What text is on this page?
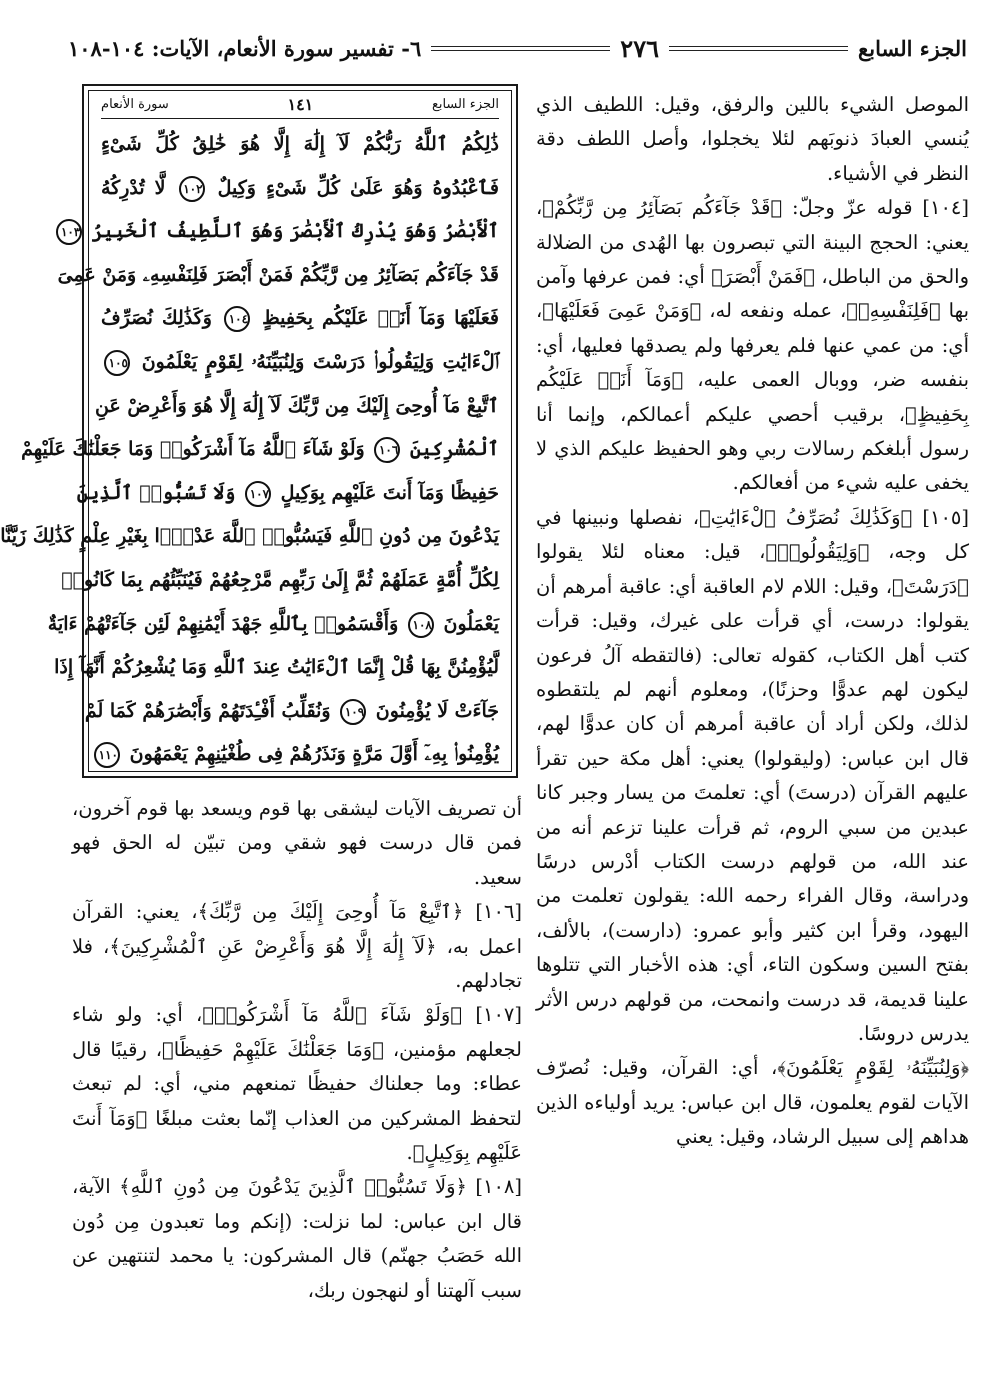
الجزء السابع
٢٧٦
٦- تفسير سورة الأنعام، الآيات: ١٠٤-١٠٨

الموصل الشيء باللين والرفق، وقيل: اللطيف الذي يُنسي العبادَ ذنوبَهم لئلا يخجلوا، وأصل اللطف دقة النظر في الأشياء.

[١٠٤] قوله عزّ وجلّ: ﴿قَدْ جَآءَكُم بَصَآئِرُ مِن رَّبِّكُمْ﴾، يعني: الحجج البينة التي تبصرون بها الهُدى من الضلالة والحق من الباطل، ﴿فَمَنْ أَبْصَرَ﴾ أي: فمن عرفها وآمن بها ﴿فَلِنَفْسِهِۦ﴾، عمله ونفعه له، ﴿وَمَنْ عَمِىَ فَعَلَيْهَا﴾، أي: من عمي عنها فلم يعرفها ولم يصدقها فعليها، أي: بنفسه ضر، ووبال العمى عليه، ﴿وَمَآ أَنَا۠ عَلَيْكُم بِحَفِيظٍ﴾، برقيب أحصي عليكم أعمالكم، وإنما أنا رسول أبلغكم رسالات ربي وهو الحفيظ عليكم الذي لا يخفى عليه شيء من أفعالكم.

[١٠٥] ﴿وَكَذَٰلِكَ نُصَرِّفُ ٱلْءَايَٰتِ﴾، نفصلها ونبينها في كل وجه، ﴿وَلِيَقُولُوا۟﴾، قيل: معناه لئلا يقولوا ﴿دَرَسْتَ﴾، وقيل: اللام لام العاقبة أي: عاقبة أمرهم أن يقولوا: درست، أي قرأت على غيرك، وقيل: قرأت كتب أهل الكتاب، كقوله تعالى: (فالتقطه آلُ فرعون ليكون لهم عدوًّا وحزنًا)، ومعلوم أنهم لم يلتقطوه لذلك، ولكن أراد أن عاقبة أمرهم أن كان عدوًّا لهم، قال ابن عباس: (وليقولوا) يعني: أهل مكة حين تقرأ عليهم القرآن (درستَ) أي: تعلمتَ من يسار وجبر كانا عبدين من سبي الروم، ثم قرأت علينا تزعم أنه من عند الله، من قولهم درست الكتاب أدْرس درسًا ودراسة، وقال الفراء رحمه الله: يقولون تعلمت من اليهود، وقرأ ابن كثير وأبو عمرو: (دارست)، بالألف، بفتح السين وسكون التاء، أي: هذه الأخبار التي تتلوها علينا قديمة، قد درست وانمحت، من قولهم درس الأثر يدرس دروسًا.

﴿وَلِنُبَيِّنَهُۥ لِقَوْمٍ يَعْلَمُونَ﴾، أي: القرآن، وقيل: نُصرّف الآيات لقوم يعلمون، قال ابن عباس: يريد أولياءه الذين هداهم إلى سبيل الرشاد، وقيل: يعني

الجزء السابع
١٤١
سورة الأنعام
ذَٰلِكُمُ ٱللَّهُ رَبُّكُمْ لَآ إِلَٰهَ إِلَّا هُوَ خَٰلِقُ كُلِّ شَىْءٍ
فَٱعْبُدُوهُ وَهُوَ عَلَىٰ كُلِّ شَىْءٍ وَكِيلٌ ١٠٢ لَّا تُدْرِكُهُ
ٱلْأَبْصَٰرُ وَهُوَ يُدْرِكُ ٱلْأَبْصَٰرَ وَهُوَ ٱللَّطِيفُ ٱلْخَبِيرُ ١٠٣
قَدْ جَآءَكُم بَصَآئِرُ مِن رَّبِّكُمْ فَمَنْ أَبْصَرَ فَلِنَفْسِهِۦ وَمَنْ عَمِىَ
فَعَلَيْهَا وَمَآ أَنَا۠ عَلَيْكُم بِحَفِيظٍ ١٠٤ وَكَذَٰلِكَ نُصَرِّفُ
ٱلْءَايَٰتِ وَلِيَقُولُوا۟ دَرَسْتَ وَلِنُبَيِّنَهُۥ لِقَوْمٍ يَعْلَمُونَ ١٠٥
ٱتَّبِعْ مَآ أُوحِىَ إِلَيْكَ مِن رَّبِّكَ لَآ إِلَٰهَ إِلَّا هُوَ وَأَعْرِضْ عَنِ
ٱلْمُشْرِكِينَ ١٠٦ وَلَوْ شَآءَ ٱللَّهُ مَآ أَشْرَكُوا۟ وَمَا جَعَلْنَٰكَ عَلَيْهِمْ
حَفِيظًا وَمَآ أَنتَ عَلَيْهِم بِوَكِيلٍ ١٠٧ وَلَا تَسُبُّوا۟ ٱلَّذِينَ
يَدْعُونَ مِن دُونِ ٱللَّهِ فَيَسُبُّوا۟ ٱللَّهَ عَدْوًۢا بِغَيْرِ عِلْمٍ كَذَٰلِكَ زَيَّنَّا
لِكُلِّ أُمَّةٍ عَمَلَهُمْ ثُمَّ إِلَىٰ رَبِّهِم مَّرْجِعُهُمْ فَيُنَبِّئُهُم بِمَا كَانُوا۟
يَعْمَلُونَ ١٠٨ وَأَقْسَمُوا۟ بِٱللَّهِ جَهْدَ أَيْمَٰنِهِمْ لَئِن جَآءَتْهُمْ ءَايَةٌ
لَّيُؤْمِنُنَّ بِهَا قُلْ إِنَّمَا ٱلْءَايَٰتُ عِندَ ٱللَّهِ وَمَا يُشْعِرُكُمْ أَنَّهَآ إِذَا
جَآءَتْ لَا يُؤْمِنُونَ ١٠٩ وَنُقَلِّبُ أَفْـِٔدَتَهُمْ وَأَبْصَٰرَهُمْ كَمَا لَمْ
يُؤْمِنُوا۟ بِهِۦٓ أَوَّلَ مَرَّةٍ وَنَذَرُهُمْ فِى طُغْيَٰنِهِمْ يَعْمَهُونَ ١١٠

أن تصريف الآيات ليشقى بها قوم ويسعد بها قوم آخرون، فمن قال درست فهو شقي ومن تبيّن له الحق فهو سعيد.

[١٠٦] ﴿ٱتَّبِعْ مَآ أُوحِىَ إِلَيْكَ مِن رَّبِّكَ﴾، يعني: القرآن اعمل به، ﴿لَآ إِلَٰهَ إِلَّا هُوَ وَأَعْرِضْ عَنِ ٱلْمُشْرِكِينَ﴾، فلا تجادلهم.

[١٠٧] ﴿وَلَوْ شَآءَ ٱللَّهُ مَآ أَشْرَكُوا۟﴾، أي: ولو شاء لجعلهم مؤمنين، ﴿وَمَا جَعَلْنَٰكَ عَلَيْهِمْ حَفِيظًا﴾، رقيبًا قال عطاء: وما جعلناك حفيظًا تمنعهم مني، أي: لم تبعث لتحفظ المشركين من العذاب إنّما بعثت مبلغًا ﴿وَمَآ أَنتَ عَلَيْهِم بِوَكِيلٍ﴾.

[١٠٨] ﴿وَلَا تَسُبُّوا۟ ٱلَّذِينَ يَدْعُونَ مِن دُونِ ٱللَّهِ﴾ الآية، قال ابن عباس: لما نزلت: (إنكم وما تعبدون مِن دُون الله حَصَبُ جهنّم) قال المشركون: يا محمد لتنتهين عن سبب آلهتنا أو لنهجون ربك،
